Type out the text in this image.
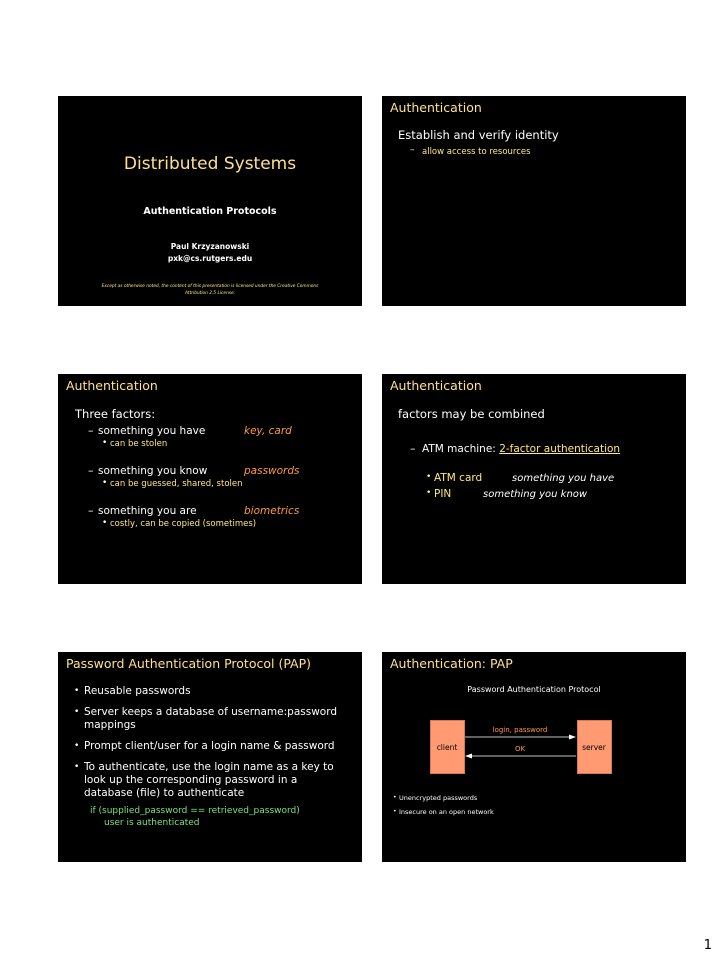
Distributed Systems
Authentication Protocols
Paul Krzyzanowski
pxk@cs.rutgers.edu
Except as otherwise noted, the content of this presentation is licensed under the Creative Commons
Attribution 2.5 License.
Authentication
Establish and verify identity
– allow access to resources
Authentication
Three factors:
– something you have	key, card
• can be stolen
– something you know	passwords
• can be guessed, shared, stolen
– something you are	biometrics
• costly, can be copied (sometimes)
Authentication
factors may be combined
– ATM machine: 2-factor authentication
• ATM card	something you have
• PIN	something you know
Password Authentication Protocol (PAP)
• Reusable passwords
• Server keeps a database of username:password mappings
• Prompt client/user for a login name & password
• To authenticate, use the login name as a key to look up the corresponding password in a database (file) to authenticate
if (supplied_password == retrieved_password)
user is authenticated
Authentication: PAP
Password Authentication Protocol
client	server
login, password
OK
• Unencrypted passwords
• Insecure on an open network
1
